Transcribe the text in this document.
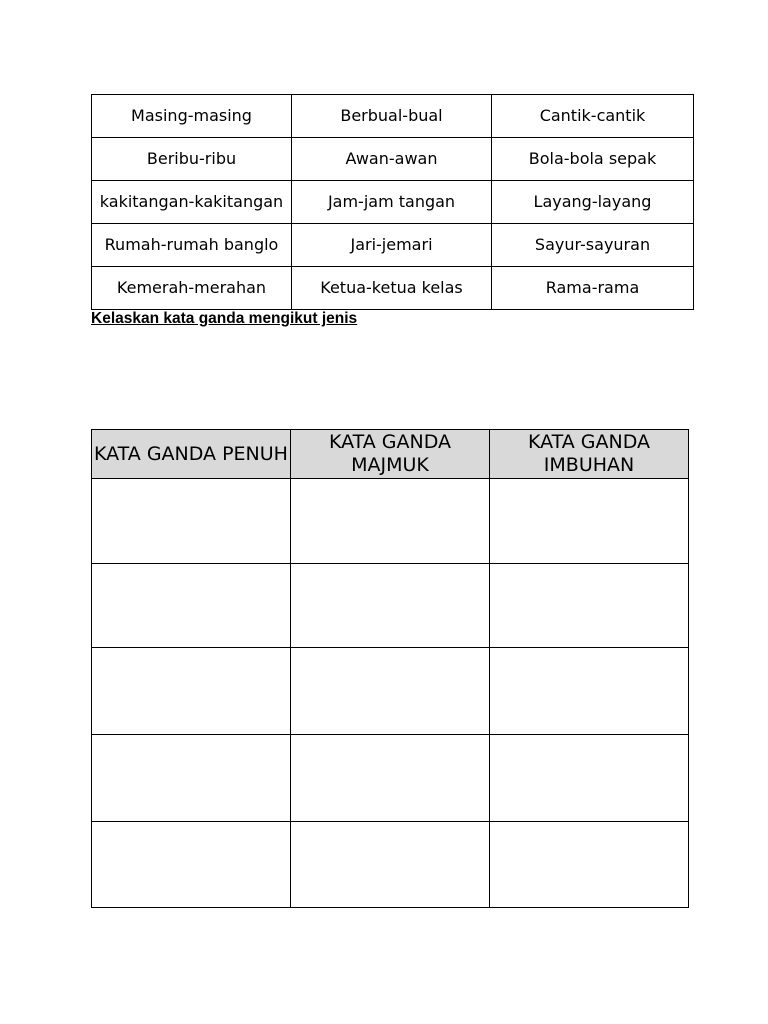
Masing-masing	Berbual-bual	Cantik-cantik
Beribu-ribu	Awan-awan	Bola-bola sepak
kakitangan-kakitangan	Jam-jam tangan	Layang-layang
Rumah-rumah banglo	Jari-jemari	Sayur-sayuran
Kemerah-merahan	Ketua-ketua kelas	Rama-rama
Kelaskan kata ganda mengikut jenis
KATA GANDA PENUH	KATA GANDA MAJMUK	KATA GANDA IMBUHAN
